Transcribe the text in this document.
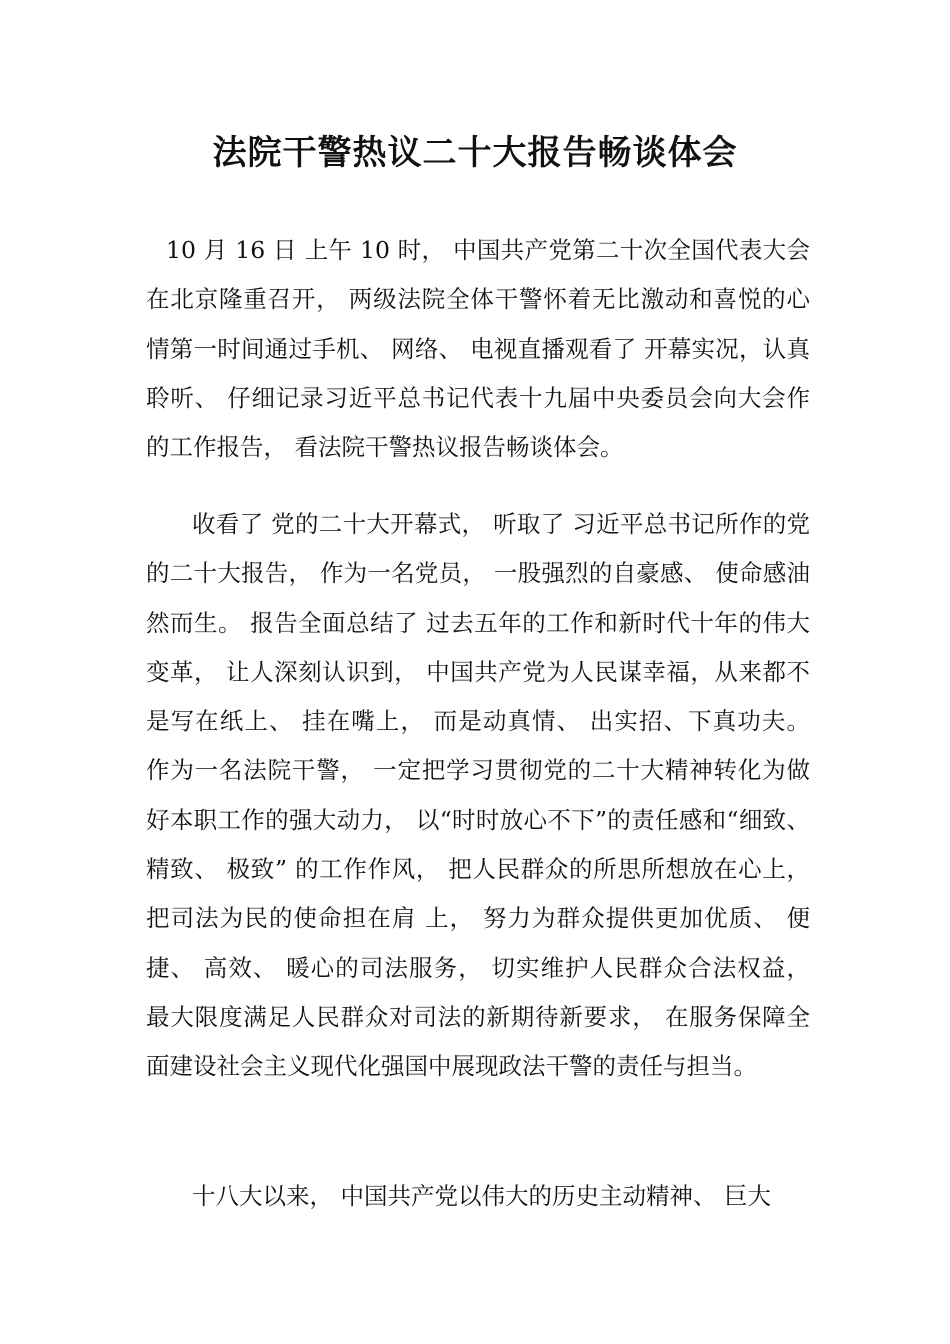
法院干警热议二十大报告畅谈体会
10 月 16 日 上午 10 时， 中国共产党第二十次全国代表大会在北京隆重召开， 两级法院全体干警怀着无比激动和喜悦的心情第一时间通过手机、 网络、 电视直播观看了 开幕实况，认真聆听、 仔细记录习近平总书记代表十九届中央委员会向大会作的工作报告， 看法院干警热议报告畅谈体会。
收看了 党的二十大开幕式， 听取了 习近平总书记所作的党的二十大报告， 作为一名党员， 一股强烈的自豪感、 使命感油然而生。 报告全面总结了 过去五年的工作和新时代十年的伟大变革， 让人深刻认识到， 中国共产党为人民谋幸福，从来都不是写在纸上、 挂在嘴上， 而是动真情、 出实招、下真功夫。 作为一名法院干警， 一定把学习贯彻党的二十大精神转化为做好本职工作的强大动力， 以“时时放心不下”的责任感和“细致、 精致、 极致” 的工作作风， 把人民群众的所思所想放在心上， 把司法为民的使命担在肩 上， 努力为群众提供更加优质、 便捷、 高效、 暖心的司法服务， 切实维护人民群众合法权益， 最大限度满足人民群众对司法的新期待新要求， 在服务保障全面建设社会主义现代化强国中展现政法干警的责任与担当。
十八大以来， 中国共产党以伟大的历史主动精神、 巨大
